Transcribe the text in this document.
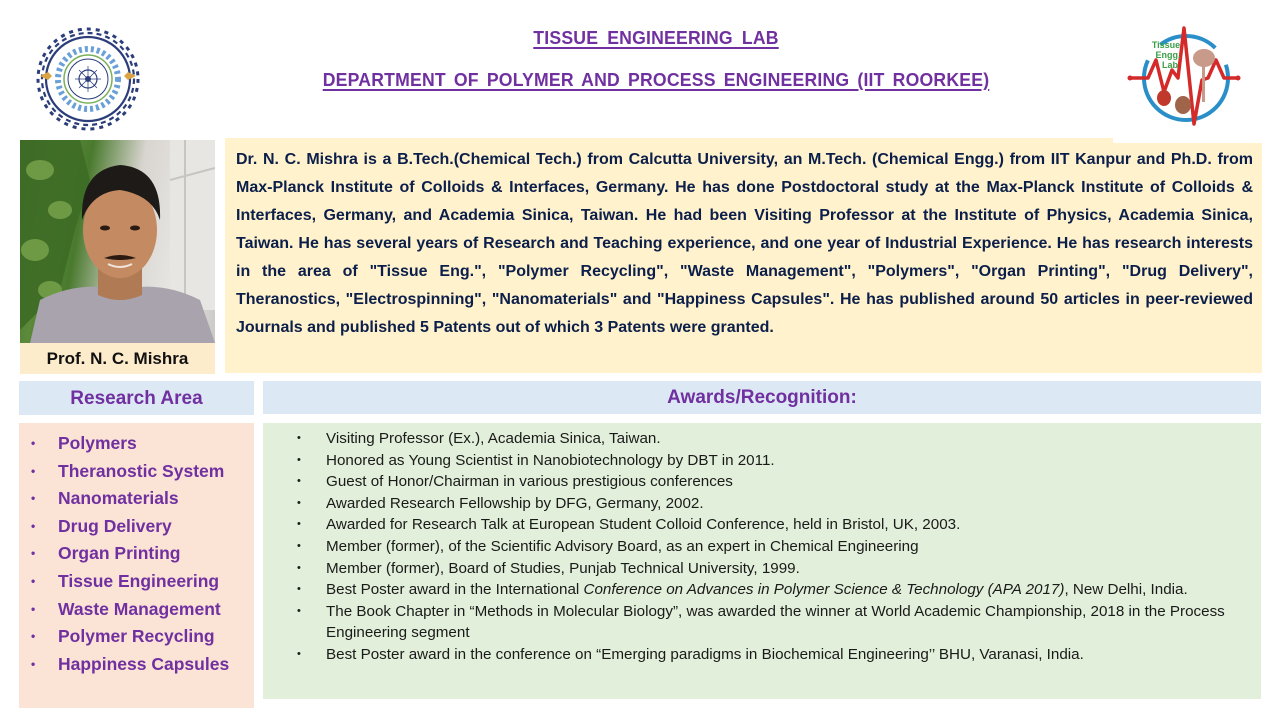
TISSUE ENGINEERING LAB
DEPARTMENT OF POLYMER AND PROCESS ENGINEERING (IIT ROORKEE)
Tissue
Engg.
Lab
Prof. N. C. Mishra
Dr. N. C. Mishra is a B.Tech.(Chemical Tech.) from Calcutta University, an M.Tech. (Chemical Engg.) from IIT Kanpur and Ph.D. from Max-Planck Institute of Colloids & Interfaces, Germany. He has done Postdoctoral study at the Max-Planck Institute of Colloids & Interfaces, Germany, and Academia Sinica, Taiwan. He had been Visiting Professor at the Institute of Physics, Academia Sinica, Taiwan. He has several years of Research and Teaching experience, and one year of Industrial Experience. He has research interests in the area of "Tissue Eng.", "Polymer Recycling", "Waste Management", "Polymers", "Organ Printing", "Drug Delivery", Theranostics, "Electrospinning", "Nanomaterials" and "Happiness Capsules". He has published around 50 articles in peer-reviewed Journals and published 5 Patents out of which 3 Patents were granted.
Research Area
• Polymers
• Theranostic System
• Nanomaterials
• Drug Delivery
• Organ Printing
• Tissue Engineering
• Waste Management
• Polymer Recycling
• Happiness Capsules
Awards/Recognition:
• Visiting Professor (Ex.), Academia Sinica, Taiwan.
• Honored as Young Scientist in Nanobiotechnology by DBT in 2011.
• Guest of Honor/Chairman in various prestigious conferences
• Awarded Research Fellowship by DFG, Germany, 2002.
• Awarded for Research Talk at European Student Colloid Conference, held in Bristol, UK, 2003.
• Member (former), of the Scientific Advisory Board, as an expert in Chemical Engineering
• Member (former), Board of Studies, Punjab Technical University, 1999.
• Best Poster award in the International Conference on Advances in Polymer Science & Technology (APA 2017), New Delhi, India.
• The Book Chapter in “Methods in Molecular Biology”, was awarded the winner at World Academic Championship, 2018 in the Process Engineering segment
• Best Poster award in the conference on “Emerging paradigms in Biochemical Engineering’’ BHU, Varanasi, India.
